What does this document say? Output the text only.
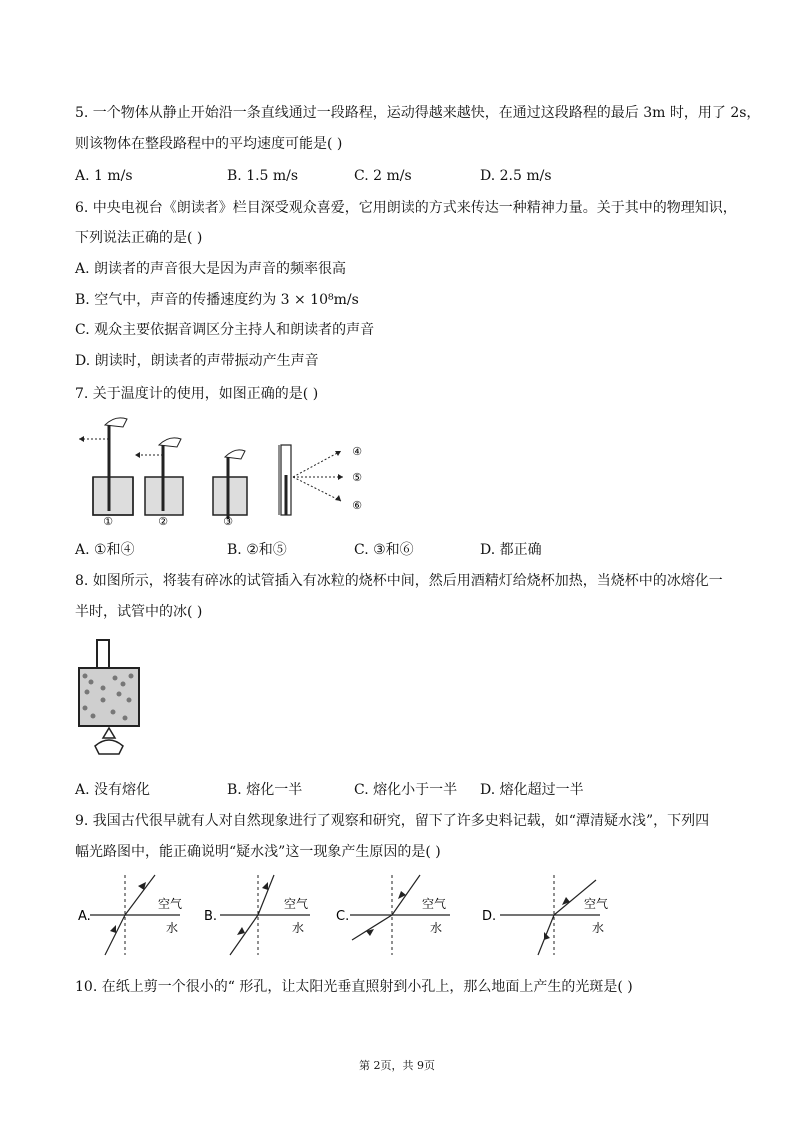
5. 一个物体从静止开始沿一条直线通过一段路程，运动得越来越快，在通过这段路程的最后 3m 时，用了 2s，
则该物体在整段路程中的平均速度可能是( )
A. 1 m/s	B. 1.5 m/s	C. 2 m/s	D. 2.5 m/s
6. 中央电视台《朗读者》栏目深受观众喜爱，它用朗读的方式来传达一种精神力量。关于其中的物理知识，
下列说法正确的是( )
A. 朗读者的声音很大是因为声音的频率很高
B. 空气中，声音的传播速度约为 3 × 10⁸m/s
C. 观众主要依据音调区分主持人和朗读者的声音
D. 朗读时，朗读者的声带振动产生声音
7. 关于温度计的使用，如图正确的是( )
①	②	③
④
⑤
⑥
A. ①和④	B. ②和⑤	C. ③和⑥	D. 都正确
8. 如图所示，将装有碎冰的试管插入有冰粒的烧杯中间，然后用酒精灯给烧杯加热，当烧杯中的冰熔化一
半时，试管中的冰( )
A. 没有熔化	B. 熔化一半	C. 熔化小于一半 D. 熔化超过一半
9. 我国古代很早就有人对自然现象进行了观察和研究，留下了许多史料记载，如“潭清疑水浅”，下列四
幅光路图中，能正确说明“疑水浅”这一现象产生原因的是( )
A.
空气
水
B.
空气
水
C.
空气
水
D.
空气
水
10. 在纸上剪一个很小的“ 形孔，让太阳光垂直照射到小孔上，那么地面上产生的光斑是( )
第 2页，共 9页
